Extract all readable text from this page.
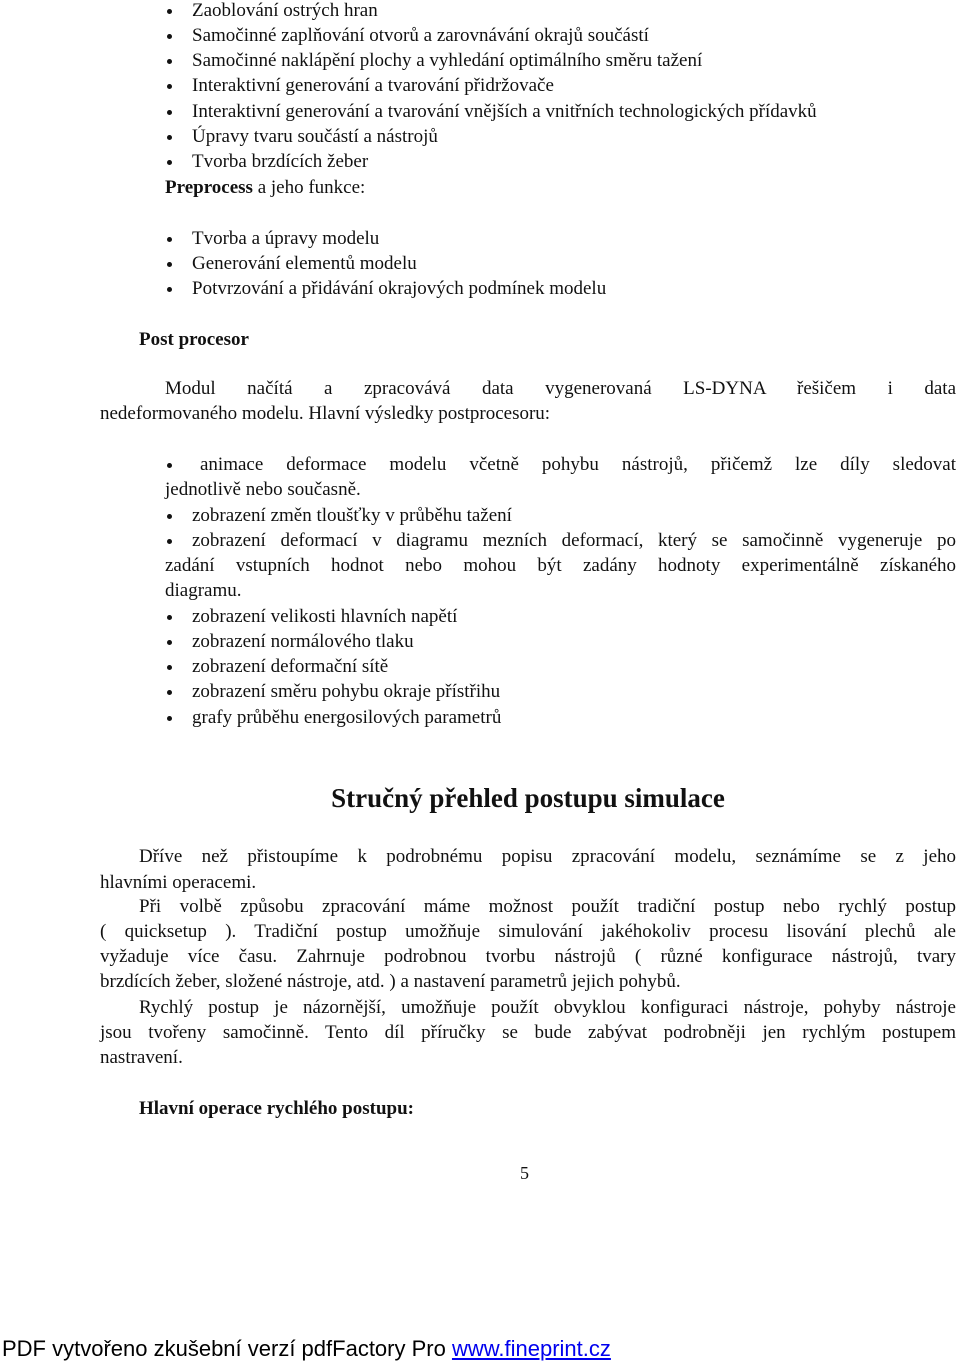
Zaoblování ostrých hran
Samočinné zaplňování otvorů a zarovnávání okrajů součástí
Samočinné naklápění plochy a vyhledání optimálního směru tažení
Interaktivní generování a tvarování přidržovače
Interaktivní generování a tvarování vnějších a vnitřních technologických přídavků
Úpravy tvaru součástí a nástrojů
Tvorba brzdících žeber
Preprocess a jeho funkce:
Tvorba a úpravy modelu
Generování elementů modelu
Potvrzování a přidávání okrajových podmínek modelu
Post procesor
Modul načítá a zpracovává data vygenerovaná LS-DYNA řešičem i data
nedeformovaného modelu. Hlavní výsledky postprocesoru:
animace deformace modelu včetně pohybu nástrojů, přičemž lze díly sledovat
jednotlivě nebo současně.
zobrazení změn tloušťky v průběhu tažení
zobrazení deformací v diagramu mezních deformací, který se samočinně vygeneruje po
zadání vstupních hodnot nebo mohou být zadány hodnoty experimentálně získaného
diagramu.
zobrazení velikosti hlavních napětí
zobrazení normálového tlaku
zobrazení deformační sítě
zobrazení směru pohybu okraje přístřihu
grafy průběhu energosilových parametrů
Stručný přehled postupu simulace
Dříve než přistoupíme k podrobnému popisu zpracování modelu, seznámíme se z jeho
hlavními operacemi.
Při volbě způsobu zpracování máme možnost použít tradiční postup nebo rychlý postup
( quicksetup ). Tradiční postup umožňuje simulování jakéhokoliv procesu lisování plechů ale
vyžaduje více času. Zahrnuje podrobnou tvorbu nástrojů ( různé konfigurace nástrojů, tvary
brzdících žeber, složené nástroje, atd. ) a nastavení parametrů jejich pohybů.
Rychlý postup je názornější, umožňuje použít obvyklou konfiguraci nástroje, pohyby nástroje
jsou tvořeny samočinně. Tento díl příručky se bude zabývat podrobněji jen rychlým postupem
nastravení.
Hlavní operace rychlého postupu:
5
PDF vytvořeno zkušební verzí pdfFactory Pro www.fineprint.cz
